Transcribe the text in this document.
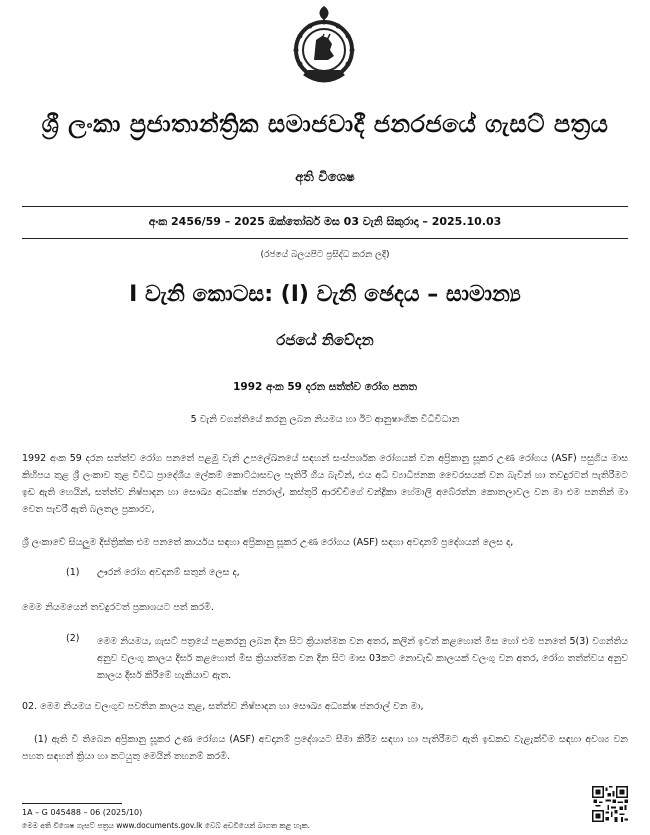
ශ්‍රී ලංකා ප්‍රජාතාන්ත්‍රික සමාජවාදී ජනරජයේ ගැසට් පත්‍රය
අති විශෙෂ
අංක 2456/59 – 2025 ඔක්තෝබර් මස 03 වැනි සිකුරාදා – 2025.10.03
(රජයේ බලයපිට ප්‍රසිද්ධ කරන ලදී)
I වැනි කොටස: (I) වැනි ඡෙදය – සාමාන්‍ය
රජයේ නිවේදන
1992 අංක 59 දරන සත්ත්ව රෝග පනත
5 වැනි වගන්තියේ කරනු ලබන නියමය හා ඊට ආනුෂාංගික විධිවිධාන
1992 අංක 59 දරන සත්ත්ව රෝග පනතේ පළමු වැනි උපලේඛනයේ සඳහන් සංස්පර්ශක රෝගයක් වන අප්‍රිකානු සූකර උණ රෝගය (ASF) පසුගිය මාස කිහිපය තුළ ශ්‍රී ලංකාව තුළ විවිධ ප්‍රාදේශීය ලේකම් කොට්ඨාසවල පැතිරී ගිය බැවින්, එය අධි ව්‍යාධිජනක වෛරසයක් වන බැවින් හා තවදුරටත් පැතිරීමට ඉඩ ඇති හෙයින්, සත්ත්ව නිෂ්පාදන හා සෞඛ්‍ය අධ්‍යක්ෂ ජනරාල්, කස්තූරි ආරච්චිගේ චන්ද්‍රිකා හේමාලි අබේරත්න කොතලාවල වන මා එම පනතින් මා වෙත පැවරී ඇති බලතල ප්‍රකාරව,
ශ්‍රී ලංකාවේ සියලුම දිස්ත්‍රික්ක එම පනතේ කාර්යය සඳහා අප්‍රිකානු සූකර උණ රෝගය (ASF) සඳහා අවදානම් ප්‍රදේශයන් ලෙස ද,
(1) ඌරන් රෝග අවදානම් සතුන් ලෙස ද,
මෙම නියමයෙන් තවදුරටත් ප්‍රකාශයට පත් කරමි.
(2) මෙම නියමය, ගැසට් පත්‍රයේ පළකරනු ලබන දින සිට ක්‍රියාත්මක වන අතර, කලින් ඉවත් කළහොත් මිස හෝ එම පනතේ 5(3) වගන්තිය අනුව වලංගු කාලය දීර්ඝ කළහොත් මිස ක්‍රියාත්මක වන දින සිට මාස 03කට නොවැඩි කාලයක් වලංගු වන අතර, රෝග තත්ත්වය අනුව කාලය දීර්ඝ කිරීමේ හැකියාව ඇත.
02. මෙම නියමය වලංගුව පවතින කාලය තුළ, සත්ත්ව නිෂ්පාදන හා සෞඛ්‍ය අධ්‍යක්ෂ ජනරාල් වන මා,
(1) ඇති වී තිබෙන අප්‍රිකානු සූකර උණ රෝගය (ASF) අවදානම් ප්‍රදේශයට සීමා කිරීම සඳහා හා පැතිරීමට ඇති ඉඩකඩ වැළැක්වීම සඳහා අවශ්‍ය වන පහත සඳහන් ක්‍රියා හා කටයුතු මෙයින් තහනම් කරමි.
1A – G 045488 – 06 (2025/10)
මෙම අති විශෙෂ ගැසට් පත්‍රය www.documents.gov.lk වෙබ් අඩවියෙන් බාගත කළ හැක.
